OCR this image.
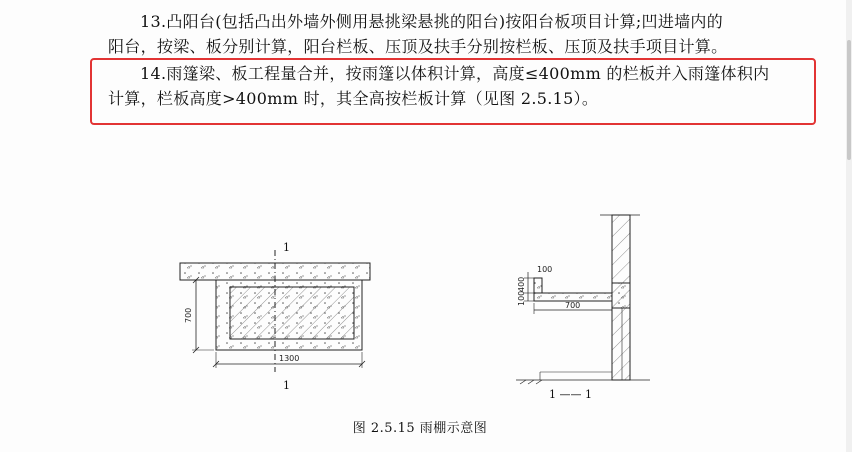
13.凸阳台(包括凸出外墙外侧用悬挑梁悬挑的阳台)按阳台板项目计算;凹进墙内的
阳台，按梁、板分别计算，阳台栏板、压顶及扶手分别按栏板、压顶及扶手项目计算。
14.雨篷梁、板工程量合并，按雨篷以体积计算，高度≤400mm 的栏板并入雨篷体积内
计算，栏板高度>400mm 时，其全高按栏板计算（见图 2.5.15）。
1
1
700
1300
100
400
100	700
1 —— 1
图 2.5.15 雨棚示意图
